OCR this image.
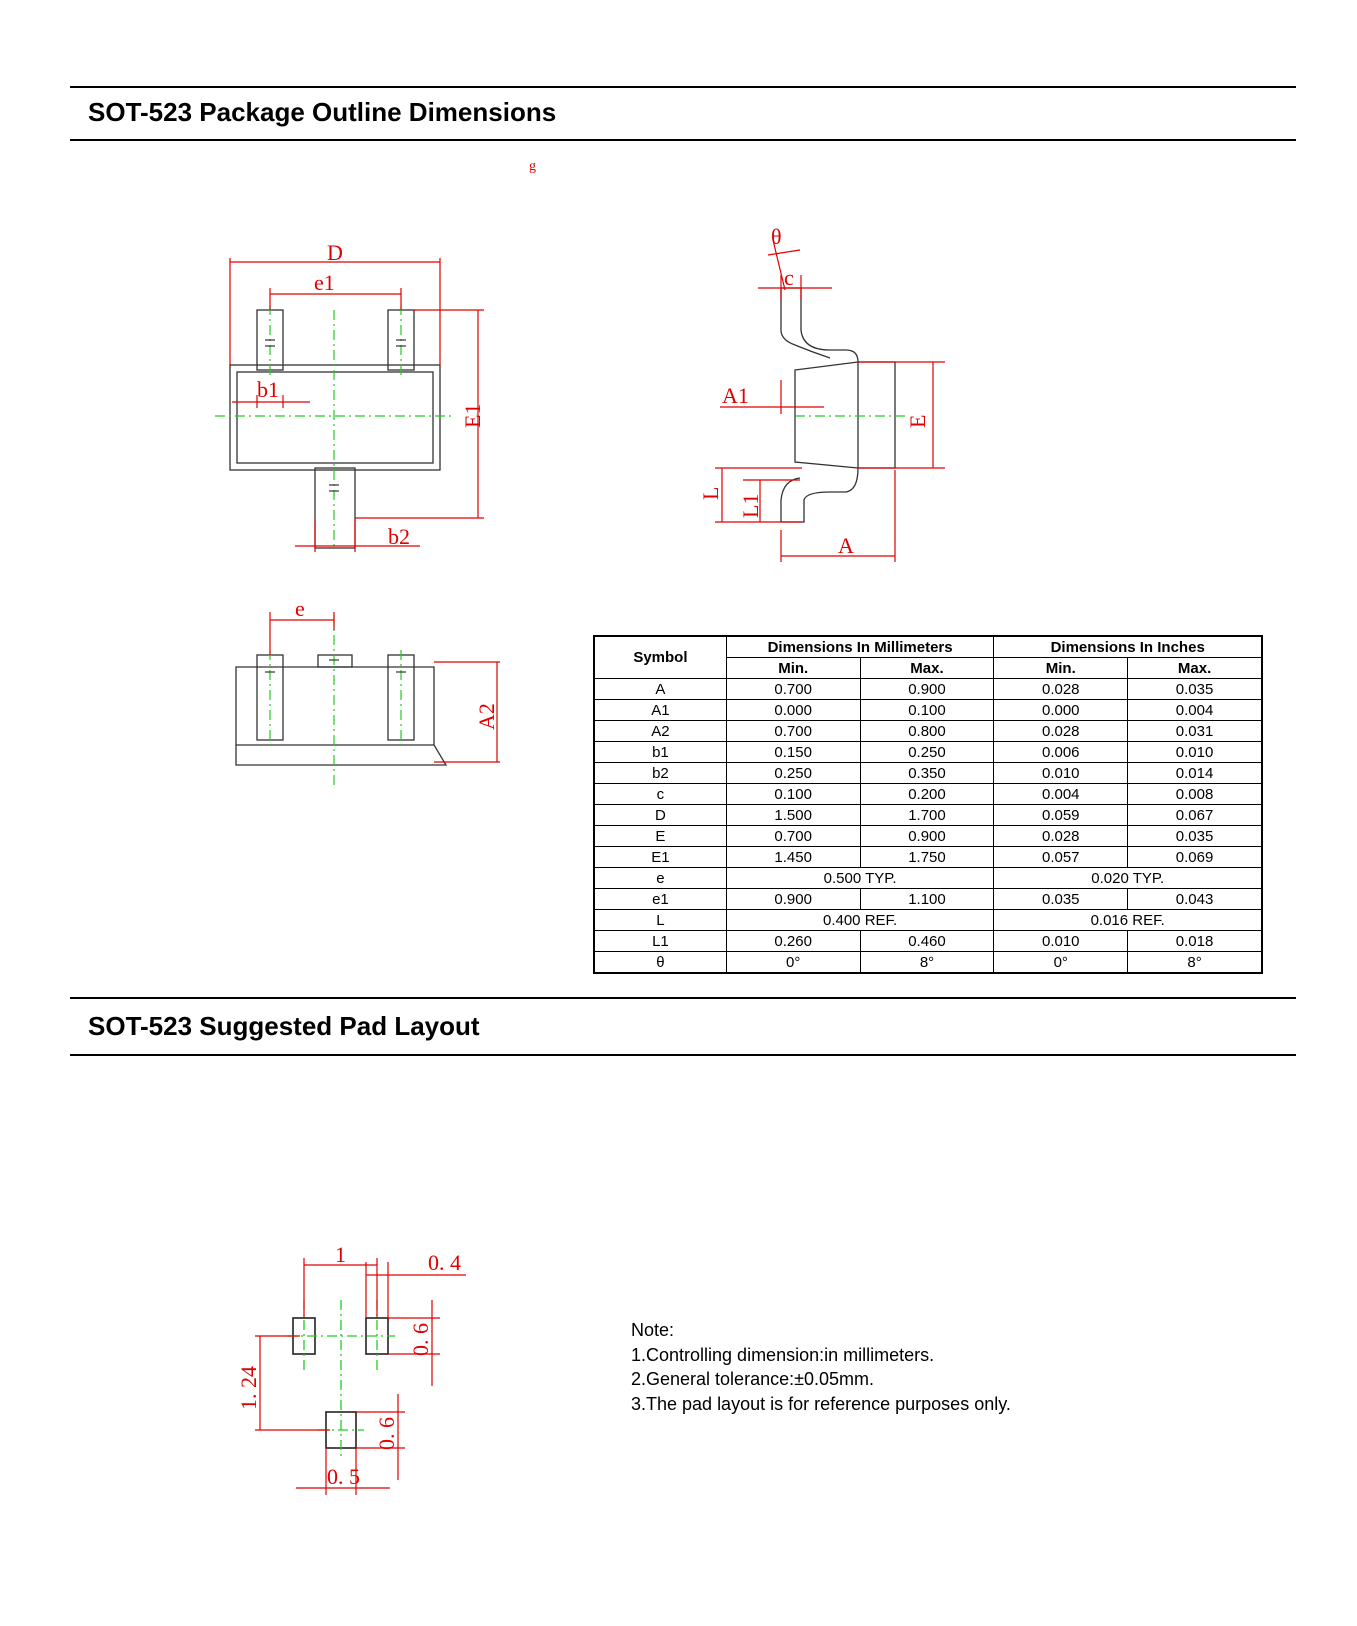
SOT-523 Package Outline Dimensions
g
D
e1
b1
b2
E1
θ
c
A1
A
E
L
L1
e
A2
Symbol	Dimensions In Millimeters		Dimensions In Inches	
	Min.	Max.	Min.	Max.
A	0.700	0.900	0.028	0.035
A1	0.000	0.100	0.000	0.004
A2	0.700	0.800	0.028	0.031
b1	0.150	0.250	0.006	0.010
b2	0.250	0.350	0.010	0.014
c	0.100	0.200	0.004	0.008
D	1.500	1.700	0.059	0.067
E	0.700	0.900	0.028	0.035
E1	1.450	1.750	0.057	0.069
e	0.500 TYP.		0.020 TYP.	
e1	0.900	1.100	0.035	0.043
L	0.400 REF.		0.016 REF.	
L1	0.260	0.460	0.010	0.018
θ	0°	8°	0°	8°
SOT-523 Suggested Pad Layout
1	0. 4
0. 5
0. 6
0. 6
1. 24
Note:
1.Controlling dimension:in millimeters.
2.General tolerance:±0.05mm.
3.The pad layout is for reference purposes only.
